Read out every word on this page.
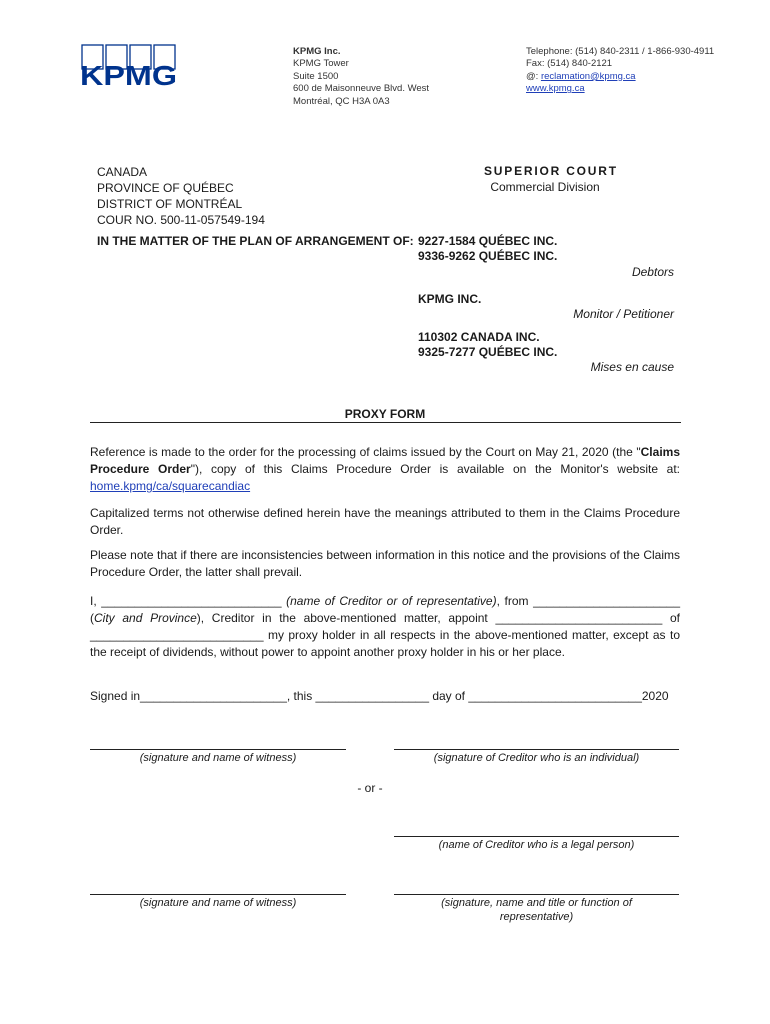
KPMG
KPMG Inc.
KPMG Tower
Suite 1500
600 de Maisonneuve Blvd. West
Montréal, QC H3A 0A3
Telephone: (514) 840-2311 / 1-866-930-4911
Fax: (514) 840-2121
@: reclamation@kpmg.ca
www.kpmg.ca
CANADA
PROVINCE OF QUÉBEC
DISTRICT OF MONTRÉAL
COUR NO. 500-11-057549-194
SUPERIOR COURT
Commercial Division
IN THE MATTER OF THE PLAN OF ARRANGEMENT OF: 9227-1584 QUÉBEC INC.
9336-9262 QUÉBEC INC.
Debtors
KPMG INC.
Monitor / Petitioner
110302 CANADA INC.
9325-7277 QUÉBEC INC.
Mises en cause
PROXY FORM
Reference is made to the order for the processing of claims issued by the Court on May 21, 2020 (the "Claims Procedure Order"), copy of this Claims Procedure Order is available on the Monitor's website at: home.kpmg/ca/squarecandiac
Capitalized terms not otherwise defined herein have the meanings attributed to them in the Claims Procedure Order.
Please note that if there are inconsistencies between information in this notice and the provisions of the Claims Procedure Order, the latter shall prevail.
I, ___________________________ (name of Creditor or of representative), from ______________________ (City and Province), Creditor in the above-mentioned matter, appoint _________________________ of __________________________ my proxy holder in all respects in the above-mentioned matter, except as to the receipt of dividends, without power to appoint another proxy holder in his or her place.
Signed in______________________, this _________________ day of __________________________2020
(signature and name of witness)	(signature of Creditor who is an individual)
- or -
(name of Creditor who is a legal person)
(signature and name of witness)	(signature, name and title or function of representative)
